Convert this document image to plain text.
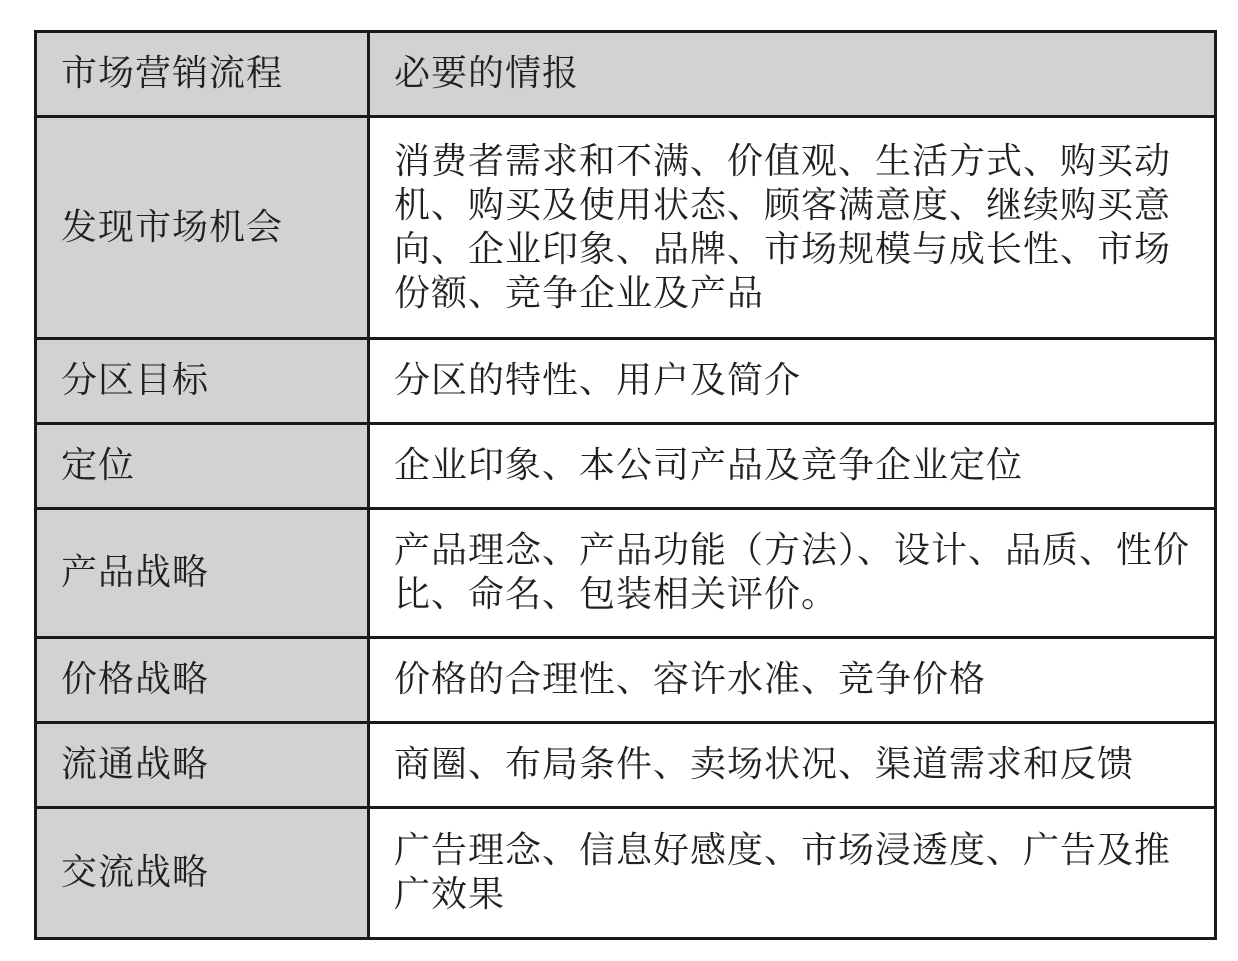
市场营销流程	必要的情报
发现市场机会	消费者需求和不满、价值观、生活方式、购买动机、购买及使用状态、顾客满意度、继续购买意向、企业印象、品牌、市场规模与成长性、市场份额、竞争企业及产品
分区目标	分区的特性、用户及简介
定位	企业印象、本公司产品及竞争企业定位
产品战略	产品理念、产品功能（方法）、设计、品质、性价比、命名、包装相关评价。
价格战略	价格的合理性、容许水准、竞争价格
流通战略	商圈、布局条件、卖场状况、渠道需求和反馈
交流战略	广告理念、信息好感度、市场浸透度、广告及推广效果
